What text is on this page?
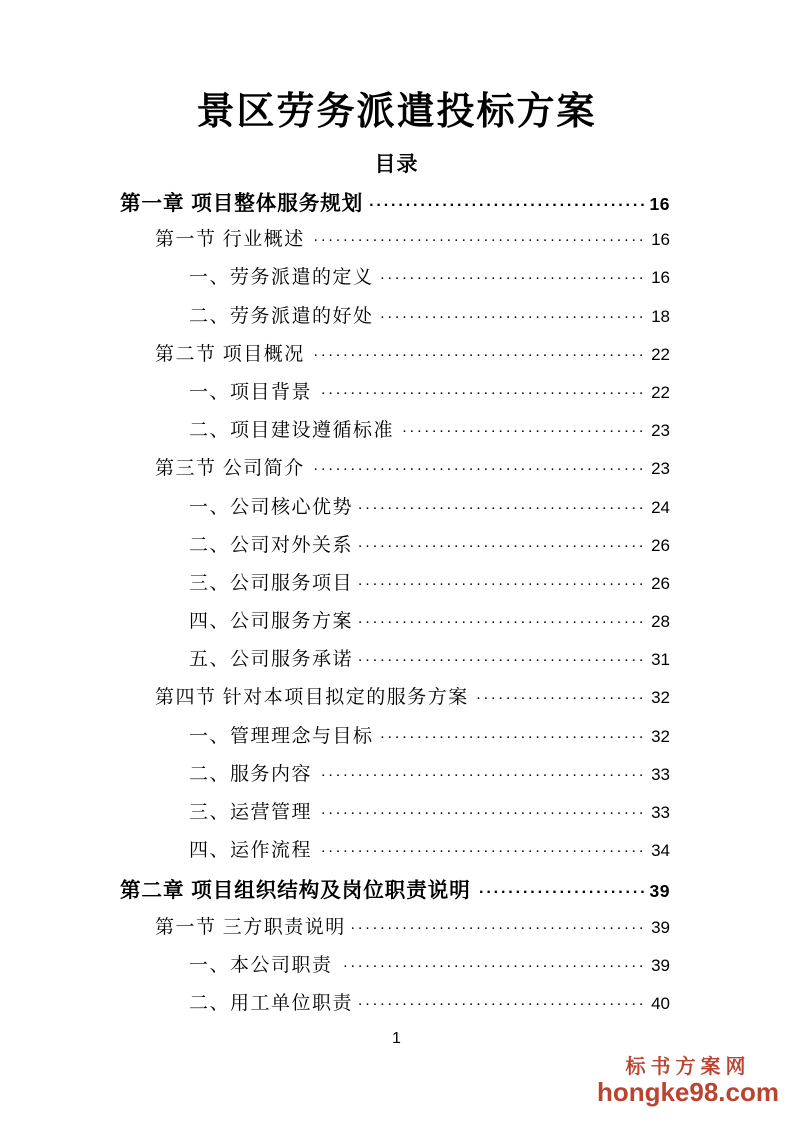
景区劳务派遣投标方案
目录
第一章 项目整体服务规划 ·····	16
第一节 行业概述 ·····	16
一、劳务派遣的定义 ·····	16
二、劳务派遣的好处 ·····	18
第二节 项目概况 ·····	22
一、项目背景 ·····	22
二、项目建设遵循标准 ·····	23
第三节 公司简介 ·····	23
一、公司核心优势 ·····	24
二、公司对外关系 ·····	26
三、公司服务项目 ·····	26
四、公司服务方案 ·····	28
五、公司服务承诺 ·····	31
第四节 针对本项目拟定的服务方案 ·····	32
一、管理理念与目标 ·····	32
二、服务内容 ·····	33
三、运营管理 ·····	33
四、运作流程 ·····	34
第二章 项目组织结构及岗位职责说明 ·····	39
第一节 三方职责说明 ·····	39
一、本公司职责 ·····	39
二、用工单位职责 ·····	40
1
标书方案网
hongke98.com
